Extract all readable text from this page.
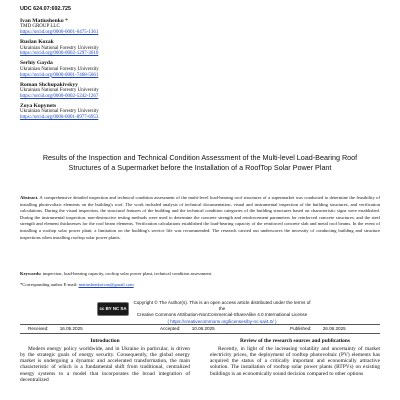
UDC 624.07:692.725
Ivan Matiushenko *
TMD GROUP LLC
https://orcid.org/0000-0001-6475-1361
Ruslan Kozak
Ukrainian National Forestry University
https://orcid.org/0000-0002-1297-3610
Serhiy Gayda
Ukrainian National Forestry University
https://orcid.org/0000-0001-7468-5661
Roman Shchupakivskyy
Ukrainian National Forestry University
https://orcid.org/0000-0002-5242-1267
Zoya Kopynets
Ukrainian National Forestry University
https://orcid.org/0000-0001-8977-6953
Results of the Inspection and Technical Condition Assessment of the Multi-level Load-Bearing Roof Structures of a Supermarket before the Installation of a RoofTop Solar Power Plant
Abstract. A comprehensive detailed inspection and technical condition assessment of the multi-level load-bearing roof structures of a supermarket was conducted to determine the feasibility of installing photovoltaic elements on the building's roof. The work included analysis of technical documentation, visual and instrumental inspection of the building structures, and verification calculations. During the visual inspection, the structural features of the building and the technical condition categories of the building structures based on characteristic signs were established. During the instrumental inspection, non-destructive testing methods were used to determine the concrete strength and reinforcement parameters for reinforced concrete structures, and the steel strength and element thicknesses for the roof beam elements. Verification calculations established the load-bearing capacity of the reinforced concrete slab and metal roof beams. In the event of installing a rooftop solar power plant, a limitation on the building's service life was recommended. The research carried out underscores the necessity of conducting building and structure inspections when installing rooftop solar power plants.
Keywords: inspection, load-bearing capacity, rooftop solar power plant, technical condition assessment.
*Corresponding author E-mail: matiushenkoivan@gmail.com
cc BY NC SA
Copyright © The Author(s). This is an open access article distributed under the terms of the
Creative Commons Attribution-NonCommercial-ShareAlike 4.0 International License
( https://creativecommons.org/licenses/by-nc-sa/4.0/ )
Received: 16.05.2025	Accepted: 10.06.2025	Published: 26.06.2025
Introduction
Modern energy policy worldwide, and in Ukraine in particular, is driven by the strategic goals of energy security. Consequently, the global energy market is undergoing a dynamic and accelerated transformation, the main characteristic of which is a fundamental shift from traditional, centralized energy systems to a model that incorporates the broad integration of decentralized
Review of the research sources and publications
Recently, in light of the increasing volatility and uncertainty of market electricity prices, the deployment of rooftop photovoltaic (PV) elements has acquired the status of a critically important and economically attractive solution. The installation of rooftop solar power plants (RTPVs) on existing buildings is an economically sound decision compared to other options
